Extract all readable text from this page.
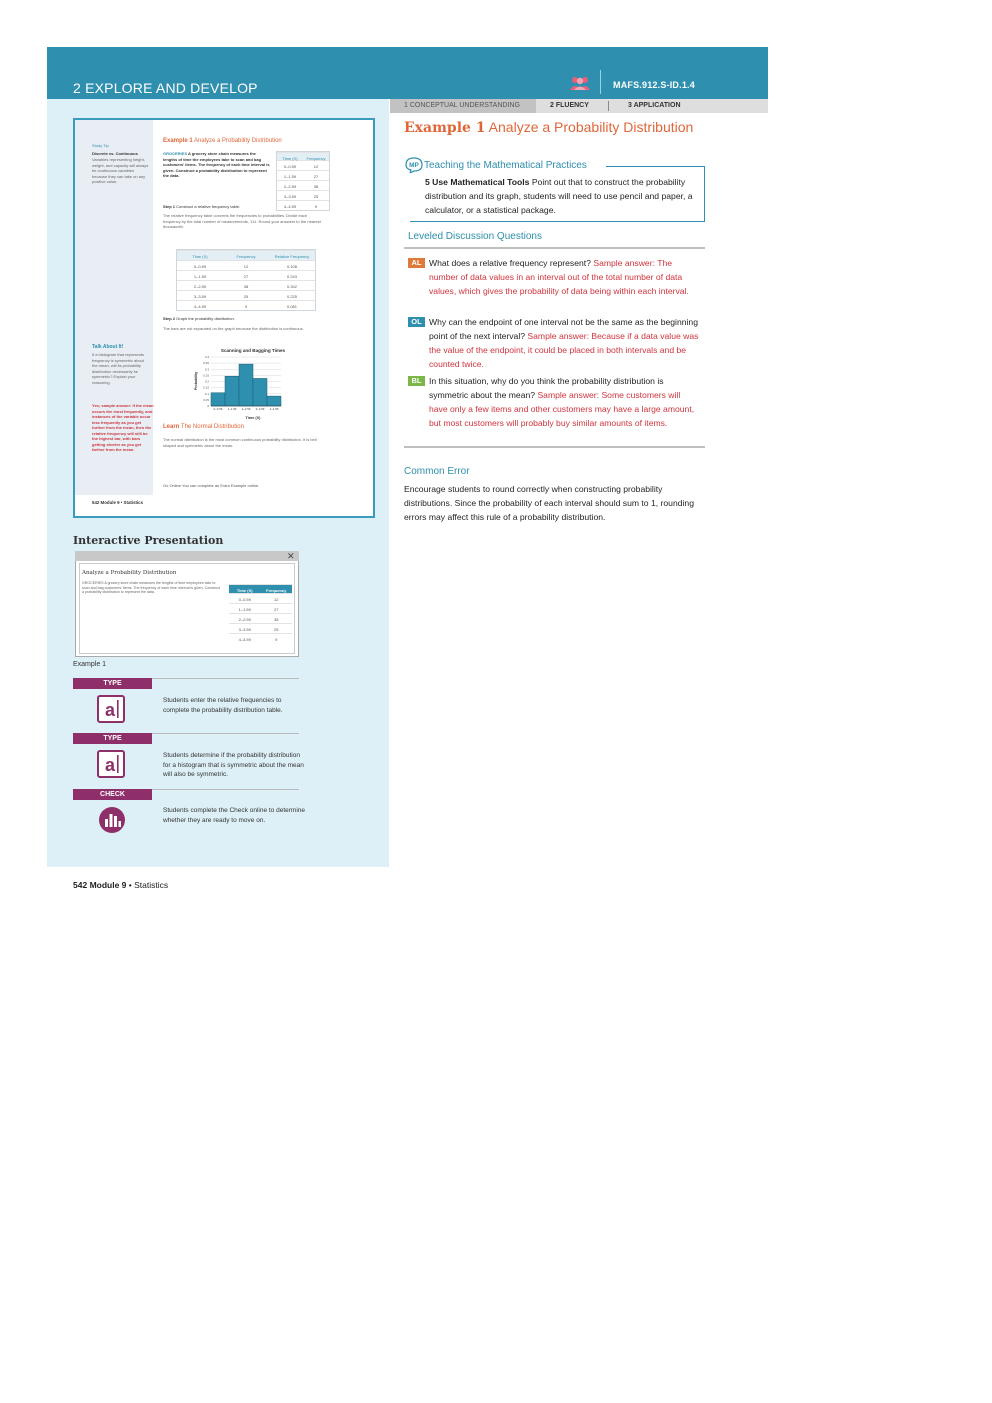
2 EXPLORE AND DEVELOP	MAFS.912.S-ID.1.4
1 CONCEPTUAL UNDERSTANDING	2 FLUENCY	3 APPLICATION
Study Tip
Discrete vs. Continuous
Variables representing height, weight, and capacity will always be continuous variables because they can take on any positive value.
Example 1 Analyze a Probability Distribution
GROCERIES A grocery store chain measures the lengths of time the employees take to scan and bag customers' items. The frequency of each time interval is given. Construct a probability distribution to represent the data.
Time (X)	Frequency
0–0.59	12
1–1.59	27
2–2.59	38
3–3.59	25
4–4.59	9
Step 1 Construct a relative frequency table.
The relative frequency table converts the frequencies to probabilities. Divide each frequency by the total number of measurements, 111. Round your answers to the nearest thousandth.
Time (X)	Frequency	Relative Frequency
0–0.59	12	0.108
1–1.59	27	0.243
2–2.59	38	0.342
3–3.59	25	0.225
4–4.59	9	0.081
Step 2 Graph the probability distribution.
The bars are not separated on the graph because the distribution is continuous.
Scanning and Bagging Times
0.4
0.35
0.3
0.25
0.2
0.15
0.1
0.05
0
0–0.59 1–1.59 2–2.59 3–3.59 4–4.59
Probability
Time (X)
Learn The Normal Distribution
The normal distribution is the most common continuous probability distribution. It is bell shaped and symmetric about the mean.
Talk About It!
If a histogram that represents frequency is symmetric about the mean, will its probability distribution necessarily be symmetric? Explain your reasoning.
Yes; sample answer: If the mean occurs the most frequently, and instances of the variable occur less frequently as you get further from the mean, then the relative frequency will still be the highest bar, with bars getting shorter as you get farther from the mean.
Go Online You can complete an Extra Example online.
542 Module 9 • Statistics
Interactive Presentation
✕
Analyze a Probability Distribution
GROCERIES A grocery store chain measures the lengths of time employees take to scan and bag customers' items. The frequency of each time interval is given. Construct a probability distribution to represent the data.	Time (X)	Frequency
0–0.59	12
1–1.59	27
2–2.59	38
3–3.59	25
4–4.59	9
Example 1
TYPE
a	Students enter the relative frequencies to complete the probability distribution table.
TYPE
a	Students determine if the probability distribution for a histogram that is symmetric about the mean will also be symmetric.
CHECK
Students complete the Check online to determine whether they are ready to move on.
542 Module 9 • Statistics
Example 1 Analyze a Probability Distribution
MP Teaching the Mathematical Practices
5 Use Mathematical Tools Point out that to construct the probability distribution and its graph, students will need to use pencil and paper, a calculator, or a statistical package.
Leveled Discussion Questions
AL What does a relative frequency represent? Sample answer: The number of data values in an interval out of the total number of data values, which gives the probability of data being within each interval.
OL Why can the endpoint of one interval not be the same as the beginning point of the next interval? Sample answer: Because if a data value was the value of the endpoint, it could be placed in both intervals and be counted twice.
BL In this situation, why do you think the probability distribution is symmetric about the mean? Sample answer: Some customers will have only a few items and other customers may have a large amount, but most customers will probably buy similar amounts of items.
Common Error
Encourage students to round correctly when constructing probability distributions. Since the probability of each interval should sum to 1, rounding errors may affect this rule of a probability distribution.
